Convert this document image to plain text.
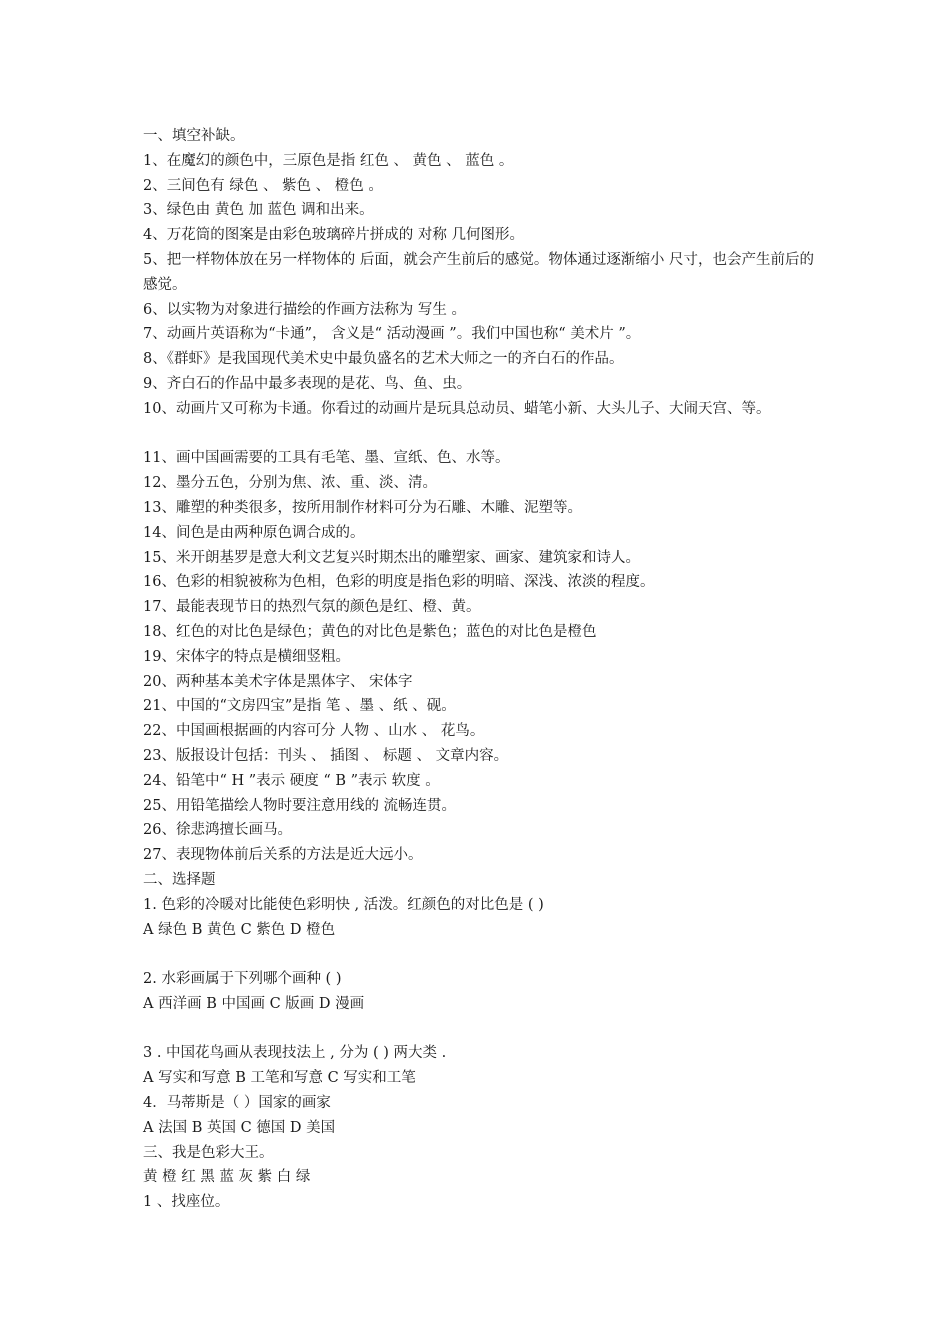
一、填空补缺。
1、在魔幻的颜色中，三原色是指 红色 、 黄色 、 蓝色 。
2、三间色有 绿色 、 紫色 、 橙色 。
3、绿色由 黄色 加 蓝色 调和出来。
4、万花筒的图案是由彩色玻璃碎片拼成的 对称 几何图形。
5、把一样物体放在另一样物体的 后面，就会产生前后的感觉。物体通过逐渐缩小 尺寸，也会产生前后的感觉。
6、以实物为对象进行描绘的作画方法称为 写生 。
7、动画片英语称为“卡通”， 含义是“ 活动漫画 ”。我们中国也称“ 美术片 ”。
8、《群虾》是我国现代美术史中最负盛名的艺术大师之一的齐白石的作品。
9、齐白石的作品中最多表现的是花、鸟、鱼、虫。
10、动画片又可称为卡通。你看过的动画片是玩具总动员、蜡笔小新、大头儿子、大闹天宫、等。
11、画中国画需要的工具有毛笔、墨、宣纸、色、水等。
12、墨分五色，分别为焦、浓、重、淡、清。
13、雕塑的种类很多，按所用制作材料可分为石雕、木雕、泥塑等。
14、间色是由两种原色调合成的。
15、米开朗基罗是意大利文艺复兴时期杰出的雕塑家、画家、建筑家和诗人。
16、色彩的相貌被称为色相，色彩的明度是指色彩的明暗、深浅、浓淡的程度。
17、最能表现节日的热烈气氛的颜色是红、橙、黄。
18、红色的对比色是绿色；黄色的对比色是紫色；蓝色的对比色是橙色
19、宋体字的特点是横细竖粗。
20、两种基本美术字体是黑体字、 宋体字
21、中国的“文房四宝”是指 笔 、墨 、纸 、砚。
22、中国画根据画的内容可分 人物 、山水 、 花鸟。
23、版报设计包括：刊头 、 插图 、 标题 、 文章内容。
24、铅笔中“ H ”表示 硬度 “ B ”表示 软度 。
25、用铅笔描绘人物时要注意用线的 流畅连贯。
26、徐悲鸿擅长画马。
27、表现物体前后关系的方法是近大远小。
二、选择题
1. 色彩的冷暖对比能使色彩明快 , 活泼。红颜色的对比色是 ( )
A 绿色 B 黄色 C 紫色 D 橙色
2. 水彩画属于下列哪个画种 ( )
A 西洋画 B 中国画 C 版画 D 漫画
3 . 中国花鸟画从表现技法上 , 分为 ( ) 两大类 .
A 写实和写意 B 工笔和写意 C 写实和工笔
4．马蒂斯是（ ）国家的画家
A 法国 B 英国 C 德国 D 美国
三、我是色彩大王。
黄 橙 红 黑 蓝 灰 紫 白 绿
1 、找座位。
